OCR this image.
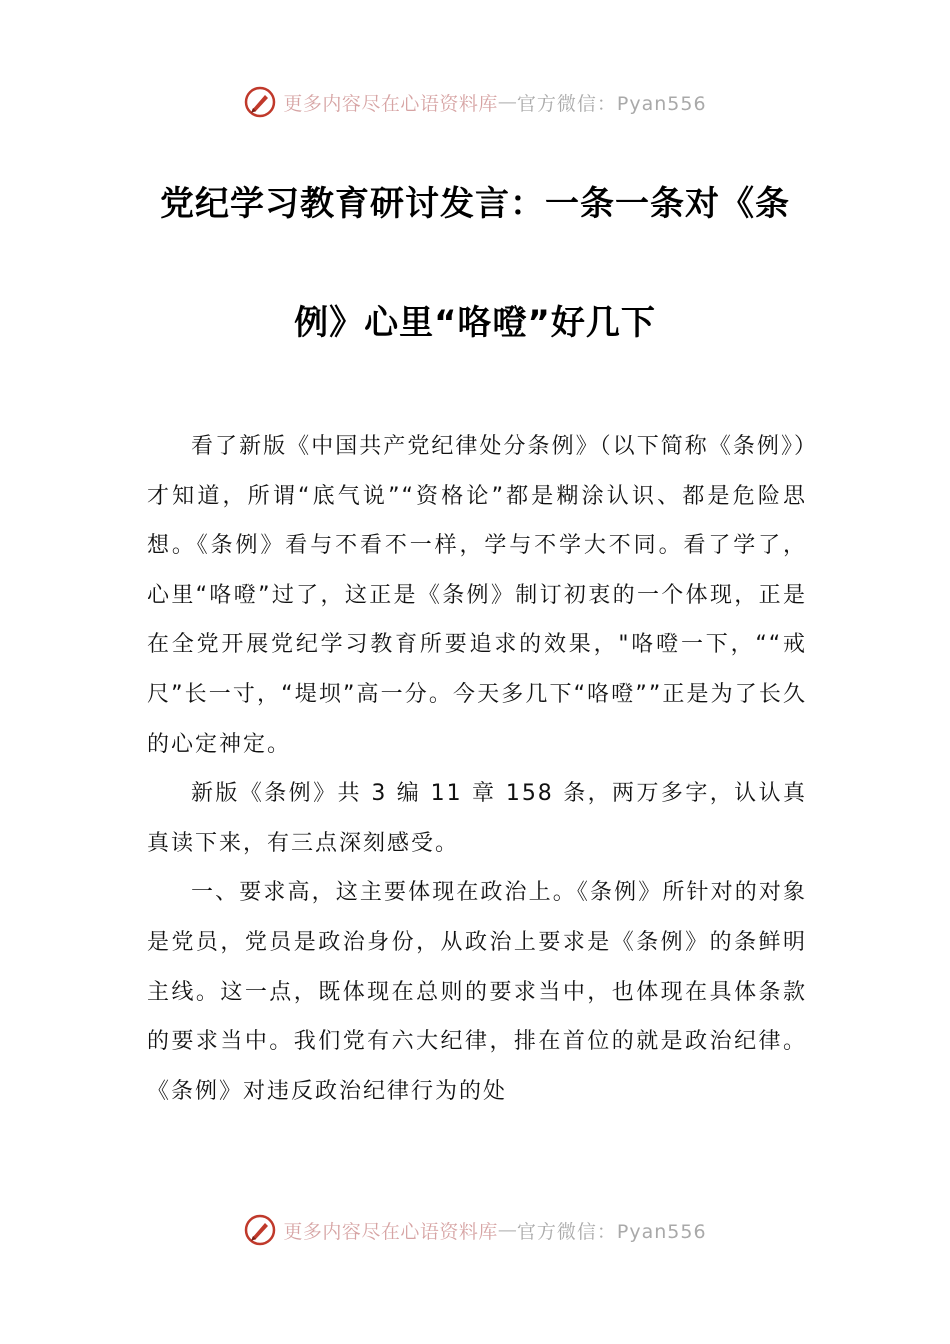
更多内容尽在心语资料库 — 官方微信：Pyan556
党纪学习教育研讨发言：一条一条对《条
例》心里“咯噔”好几下

看了新版《中国共产党纪律处分条例》（以下简称《条例》）才知道，所谓“底气说”“资格论”都是糊涂认识、都是危险思想。《条例》看与不看不一样，学与不学大不同。看了学了，心里“咯噔”过了，这正是《条例》制订初衷的一个体现，正是在全党开展党纪学习教育所要追求的效果，"咯噔一下，““戒尺”长一寸，“堤坝”高一分。今天多几下“咯噔””正是为了长久的心定神定。

新版《条例》共 3 编 11 章 158 条，两万多字，认认真真读下来，有三点深刻感受。

一、要求高，这主要体现在政治上。《条例》所针对的对象是党员，党员是政治身份，从政治上要求是《条例》的条鲜明主线。这一点，既体现在总则的要求当中，也体现在具体条款的要求当中。我们党有六大纪律，排在首位的就是政治纪律。《条例》对违反政治纪律行为的处

更多内容尽在心语资料库 — 官方微信：Pyan556
